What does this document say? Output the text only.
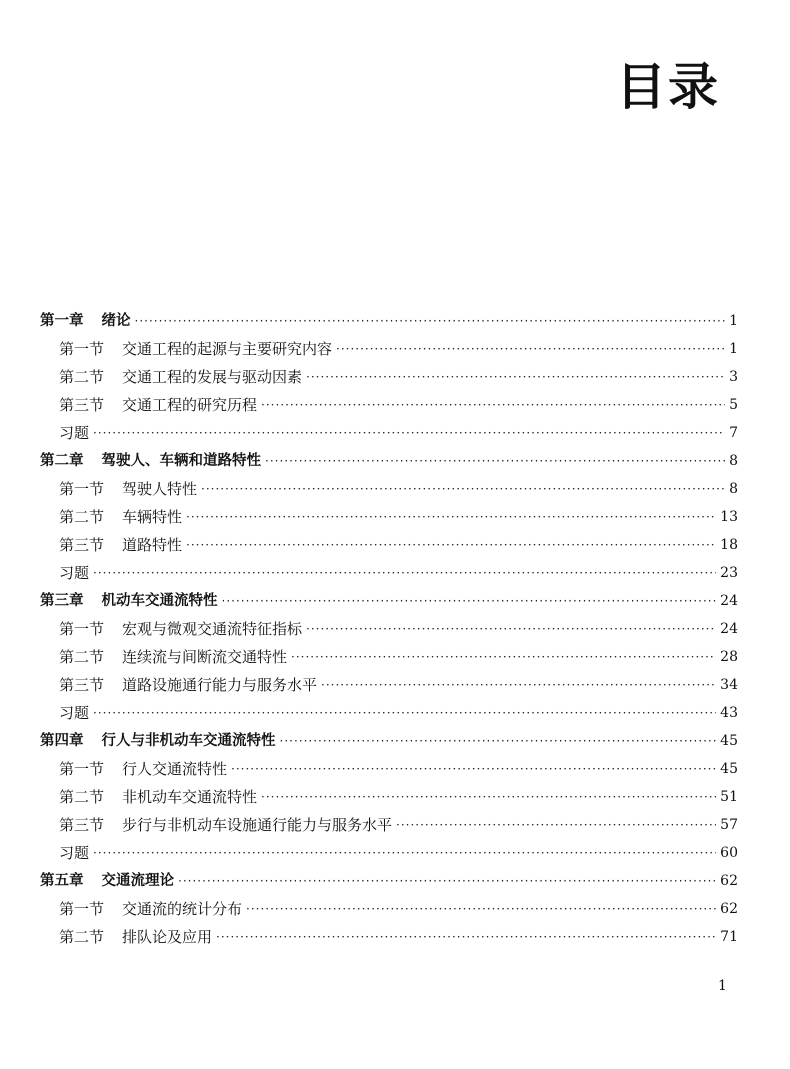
目录
第一章 绪论 ·····	1
第一节 交通工程的起源与主要研究内容 ·····	1
第二节 交通工程的发展与驱动因素 ·····	3
第三节 交通工程的研究历程 ·····	5
习题 ·····	7
第二章 驾驶人、车辆和道路特性 ·····	8
第一节 驾驶人特性 ·····	8
第二节 车辆特性 ·····	13
第三节 道路特性 ·····	18
习题 ·····	23
第三章 机动车交通流特性 ·····	24
第一节 宏观与微观交通流特征指标 ·····	24
第二节 连续流与间断流交通特性 ·····	28
第三节 道路设施通行能力与服务水平 ·····	34
习题 ·····	43
第四章 行人与非机动车交通流特性 ·····	45
第一节 行人交通流特性 ·····	45
第二节 非机动车交通流特性 ·····	51
第三节 步行与非机动车设施通行能力与服务水平 ·····	57
习题 ·····	60
第五章 交通流理论 ·····	62
第一节 交通流的统计分布 ·····	62
第二节 排队论及应用 ·····	71
1
